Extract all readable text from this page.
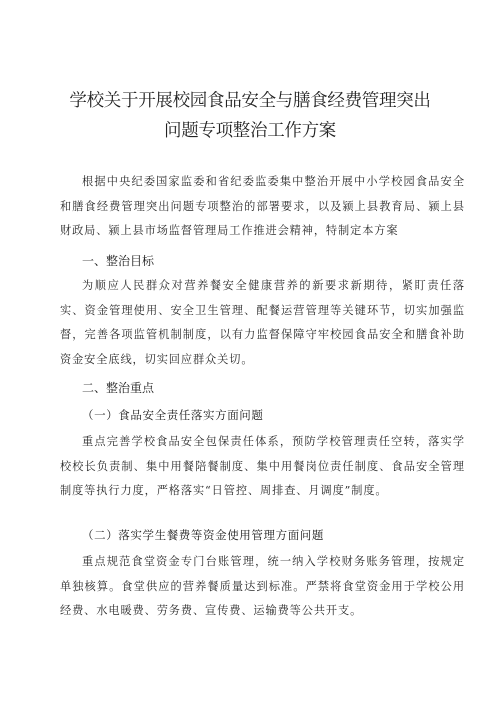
学校关于开展校园食品安全与膳食经费管理突出
问题专项整治工作方案
根据中央纪委国家监委和省纪委监委集中整治开展中小学校园食品安全和膳食经费管理突出问题专项整治的部署要求，以及颍上县教育局、颍上县财政局、颍上县市场监督管理局工作推进会精神，特制定本方案
一、整治目标
为顺应人民群众对营养餐安全健康营养的新要求新期待，紧盯责任落实、资金管理使用、安全卫生管理、配餐运营管理等关键环节，切实加强监督，完善各项监管机制制度，以有力监督保障守牢校园食品安全和膳食补助资金安全底线，切实回应群众关切。
二、整治重点
（一）食品安全责任落实方面问题
重点完善学校食品安全包保责任体系，预防学校管理责任空转，落实学校校长负责制、集中用餐陪餐制度、集中用餐岗位责任制度、食品安全管理制度等执行力度，严格落实“日管控、周排查、月调度”制度。
（二）落实学生餐费等资金使用管理方面问题
重点规范食堂资金专门台账管理，统一纳入学校财务账务管理，按规定单独核算。食堂供应的营养餐质量达到标准。严禁将食堂资金用于学校公用经费、水电暖费、劳务费、宣传费、运输费等公共开支。
